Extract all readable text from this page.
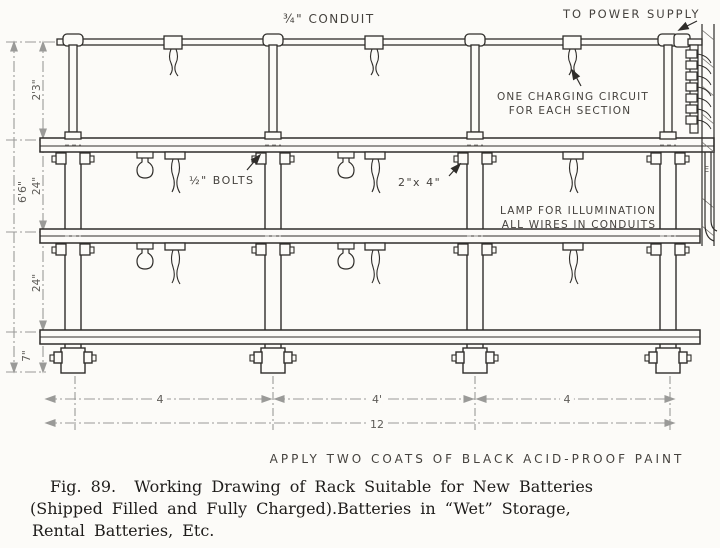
¾" CONDUIT	TO POWER SUPPLY
ONE CHARGING CIRCUIT
FOR EACH SECTION
½" BOLTS	2"x 4"
LAMP FOR ILLUMINATION
ALL WIRES IN CONDUITS
APPLY TWO COATS OF BLACK ACID-PROOF PAINT
E
6'6"
2'3"
24"
24"
7"
4	4'	4
12
Fig. 89.  Working Drawing of Rack Suitable for New Batteries
(Shipped Filled and Fully Charged).Batteries in “Wet” Storage,
Rental Batteries, Etc.
